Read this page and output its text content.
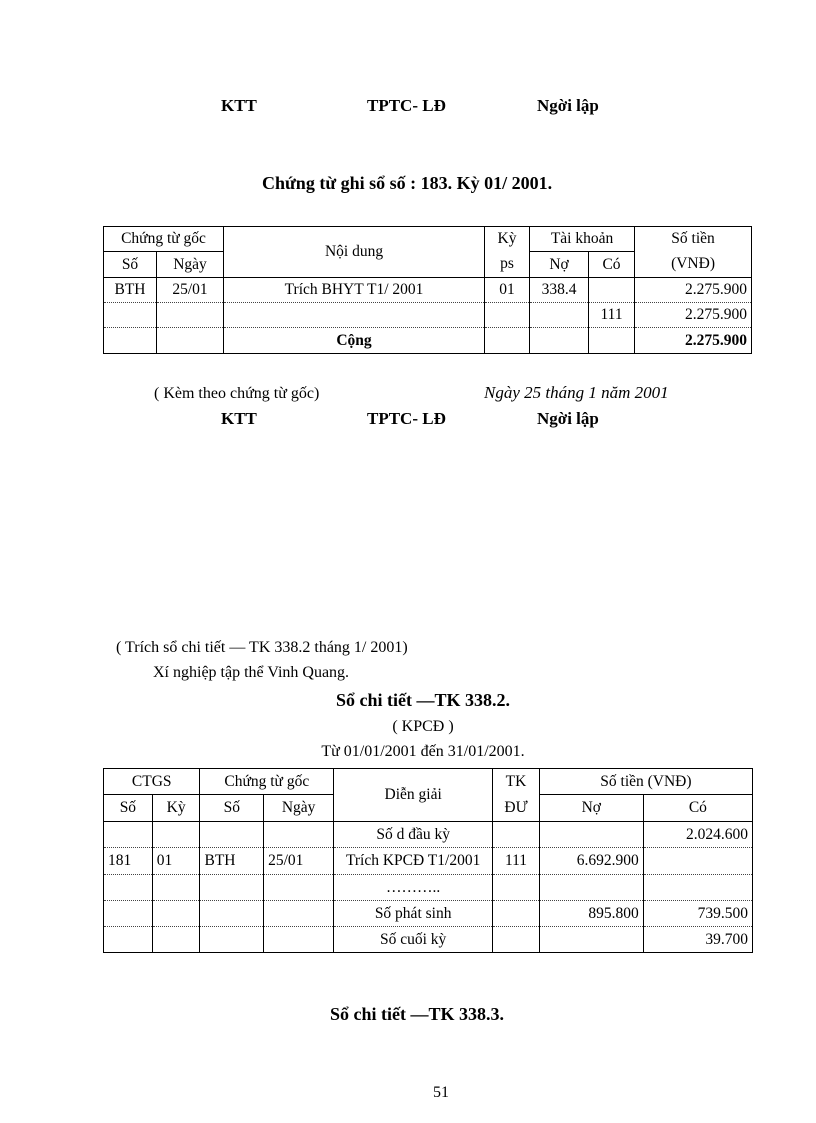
KTT	TPTC- LĐ	Ngời lập
Chứng từ ghi sổ số : 183. Kỳ 01/ 2001.
Chứng từ gốc		Nội dung	Kỳ	Tài khoản		Số tiền
Số	Ngày		ps	Nợ	Có	(VNĐ)
BTH	25/01	Trích BHYT T1/ 2001	01	338.4		2.275.900
					111	2.275.900
		Cộng				2.275.900
( Kèm theo chứng từ gốc)	Ngày 25 tháng 1 năm 2001
KTT	TPTC- LĐ	Ngời lập
( Trích sổ chi tiết — TK 338.2 tháng 1/ 2001)
Xí nghiệp tập thể Vinh Quang.
Sổ chi tiết —TK 338.2.
( KPCĐ )
Từ 01/01/2001 đến 31/01/2001.
CTGS		Chứng từ gốc		Diễn giải	TK	Số tiền (VNĐ)	
Số	Kỳ	Số	Ngày		ĐƯ	Nợ	Có
				Số d đầu kỳ			2.024.600
181	01	BTH	25/01	Trích KPCĐ T1/2001	111	6.692.900	
				………..			
				Số phát sinh		895.800	739.500
				Số cuối kỳ			39.700
Sổ chi tiết —TK 338.3.
51
